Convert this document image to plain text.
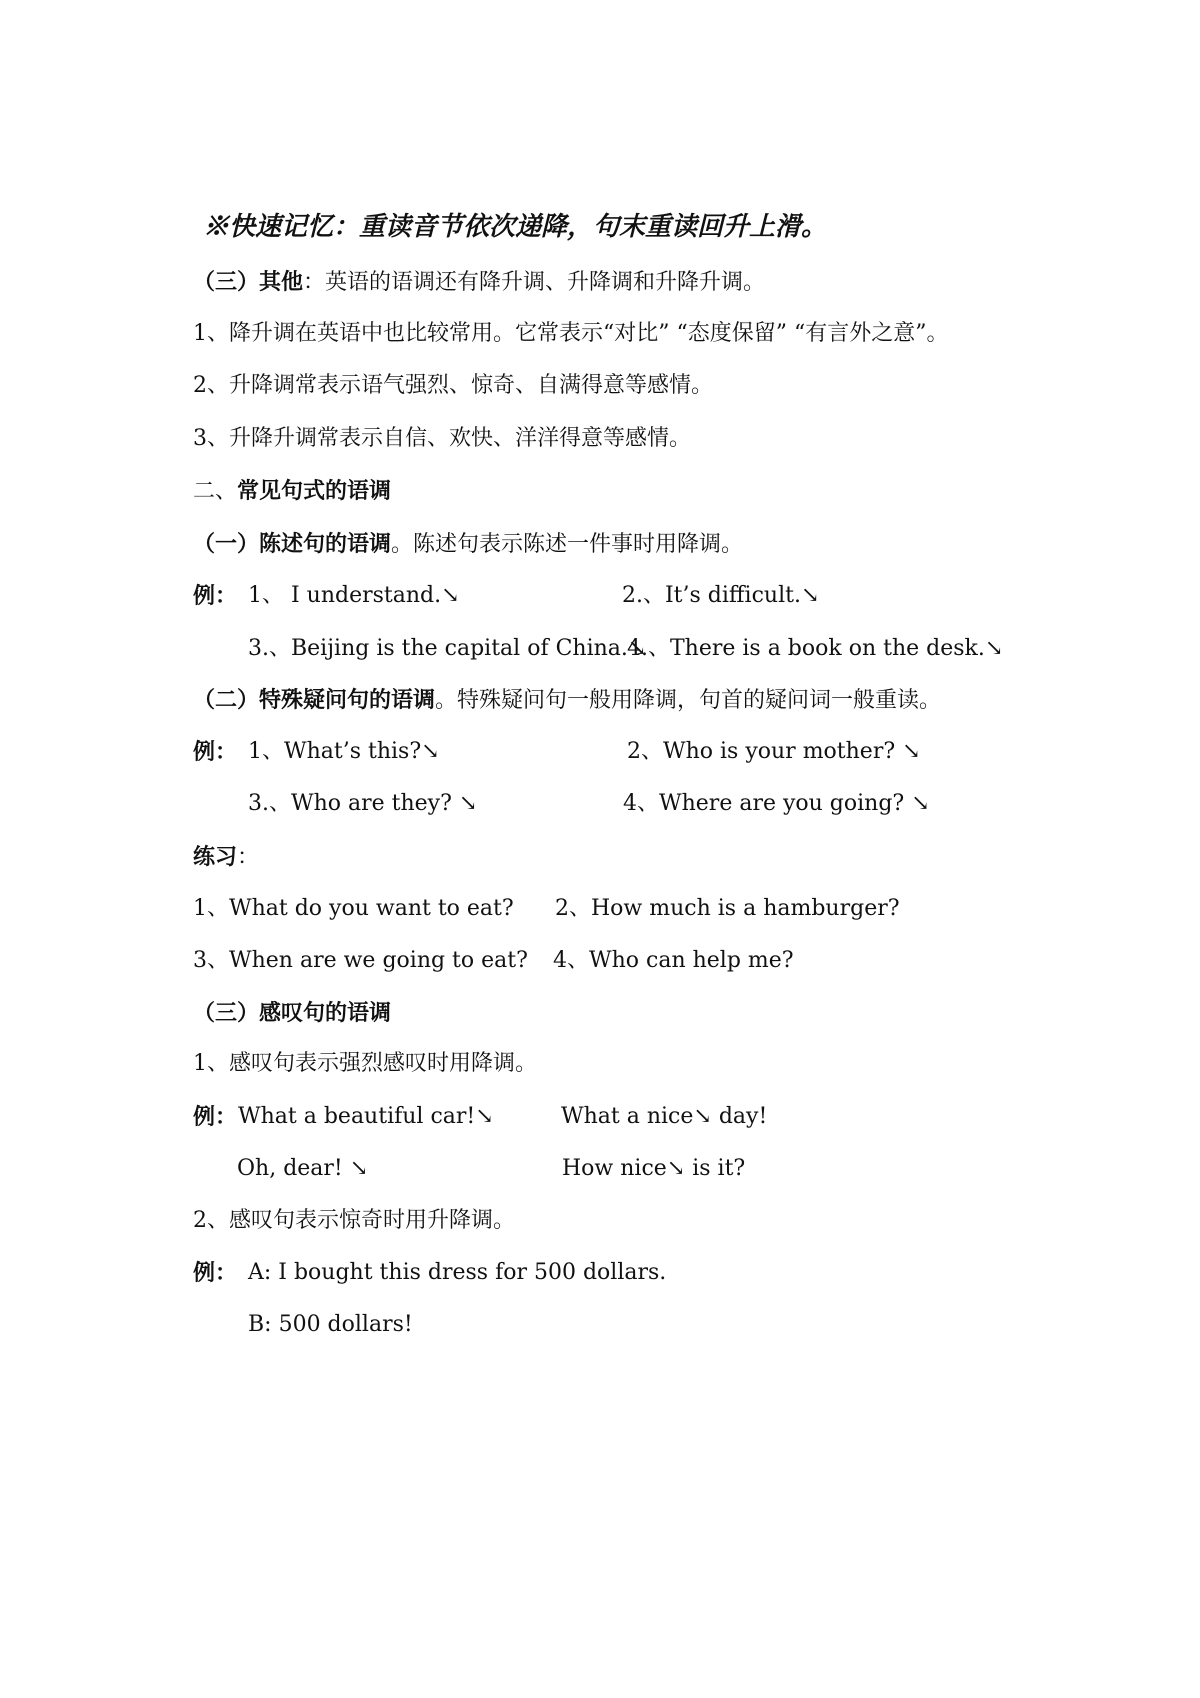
※快速记忆：重读音节依次递降，句末重读回升上滑。
（三）其他：英语的语调还有降升调、升降调和升降升调。
1、降升调在英语中也比较常用。它常表示“对比” “态度保留” “有言外之意”。
2、升降调常表示语气强烈、惊奇、自满得意等感情。
3、升降升调常表示自信、欢快、洋洋得意等感情。
二、常见句式的语调
（一）陈述句的语调。陈述句表示陈述一件事时用降调。
例： 1、 I understand.↘	2.、It’s difficult.↘
3.、Beijing is the capital of China.↘
4.、There is a book on the desk.↘
（二）特殊疑问句的语调。特殊疑问句一般用降调，句首的疑问词一般重读。
例： 1、What’s this?↘	2、Who is your mother? ↘
3.、Who are they? ↘	4、Where are you going? ↘
练习：
1、What do you want to eat? 2、How much is a hamburger?
3、When are we going to eat? 4、Who can help me?
（三）感叹句的语调
1、感叹句表示强烈感叹时用降调。
例： What a beautiful car!↘	What a nice↘ day!
Oh, dear! ↘	How nice↘ is it?
2、感叹句表示惊奇时用升降调。
例： A: I bought this dress for 500 dollars.
B: 500 dollars!
